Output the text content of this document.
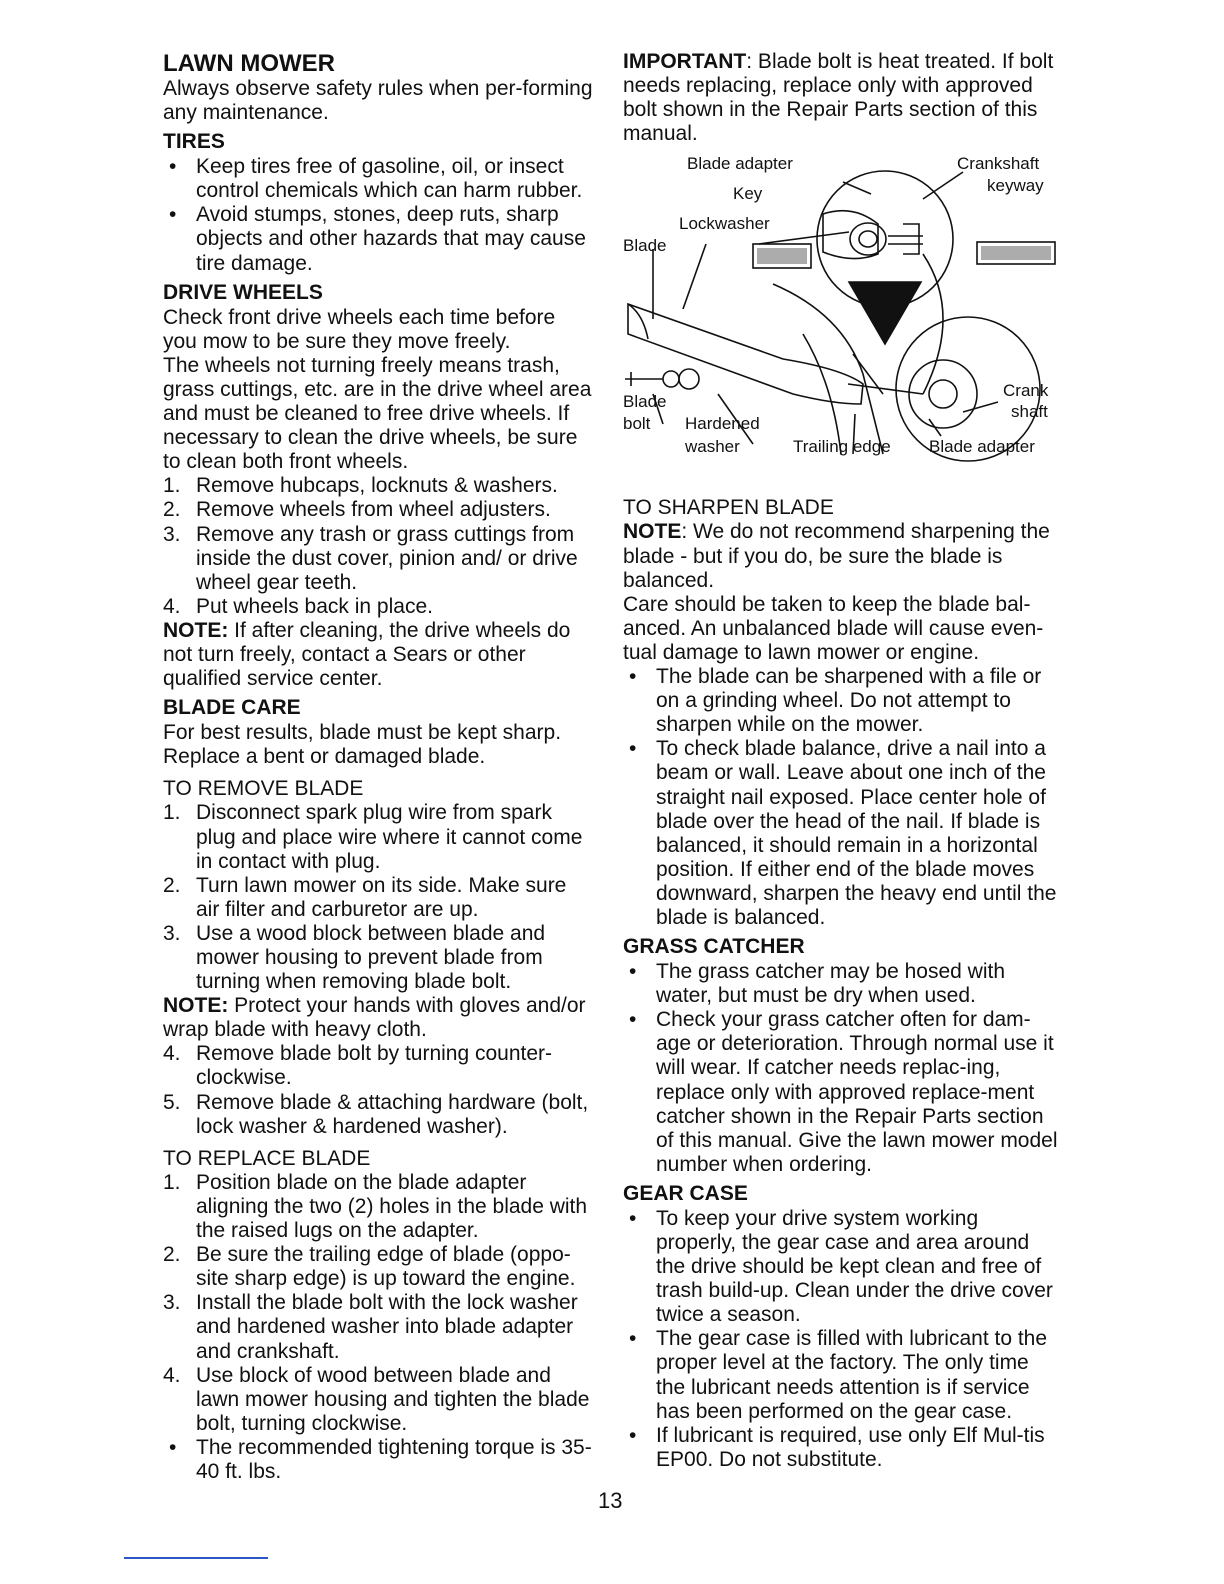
LAWN MOWER

Always observe safety rules when per-forming any maintenance.

TIRES
• Keep tires free of gasoline, oil, or insect control chemicals which can harm rubber.
• Avoid stumps, stones, deep ruts, sharp objects and other hazards that may cause tire damage.
DRIVE WHEELS

Check front drive wheels each time before you mow to be sure they move freely.

The wheels not turning freely means trash, grass cuttings, etc. are in the drive wheel area and must be cleaned to free drive wheels. If necessary to clean the drive wheels, be sure to clean both front wheels.

1. Remove hubcaps, locknuts & washers.
2. Remove wheels from wheel adjusters.
3. Remove any trash or grass cuttings from inside the dust cover, pinion and/ or drive wheel gear teeth.
4. Put wheels back in place.

NOTE: If after cleaning, the drive wheels do not turn freely, contact a Sears or other qualified service center.

BLADE CARE

For best results, blade must be kept sharp. Replace a bent or damaged blade.

TO REMOVE BLADE

1. Disconnect spark plug wire from spark plug and place wire where it cannot come in contact with plug.
2. Turn lawn mower on its side. Make sure air filter and carburetor are up.
3. Use a wood block between blade and mower housing to prevent blade from turning when removing blade bolt.

NOTE: Protect your hands with gloves and/or wrap blade with heavy cloth.

4. Remove blade bolt by turning counter-clockwise.
5. Remove blade & attaching hardware (bolt, lock washer & hardened washer).

TO REPLACE BLADE

1. Position blade on the blade adapter aligning the two (2) holes in the blade with the raised lugs on the adapter.
2. Be sure the trailing edge of blade (oppo-site sharp edge) is up toward the engine.
3. Install the blade bolt with the lock washer and hardened washer into blade adapter and crankshaft.
4. Use block of wood between blade and lawn mower housing and tighten the blade bolt, turning clockwise.
• The recommended tightening torque is 35-40 ft. lbs.

IMPORTANT: Blade bolt is heat treated. If bolt needs replacing, replace only with approved bolt shown in the Repair Parts section of this manual.

Blade adapter	Crankshaft
keyway
Key
Lockwasher
Blade
Blade
bolt Hardened
washer	Trailing edge Blade adapter
Crank
shaft

TO SHARPEN BLADE

NOTE: We do not recommend sharpening the blade - but if you do, be sure the blade is balanced.

Care should be taken to keep the blade bal-anced. An unbalanced blade will cause even-tual damage to lawn mower or engine.

• The blade can be sharpened with a file or on a grinding wheel. Do not attempt to sharpen while on the mower.
• To check blade balance, drive a nail into a beam or wall. Leave about one inch of the straight nail exposed. Place center hole of blade over the head of the nail. If blade is balanced, it should remain in a horizontal position. If either end of the blade moves downward, sharpen the heavy end until the blade is balanced.
GRASS CATCHER
• The grass catcher may be hosed with water, but must be dry when used.
• Check your grass catcher often for dam-age or deterioration. Through normal use it will wear. If catcher needs replac-ing, replace only with approved replace-ment catcher shown in the Repair Parts section of this manual. Give the lawn mower model number when ordering.
GEAR CASE
• To keep your drive system working properly, the gear case and area around the drive should be kept clean and free of trash build-up. Clean under the drive cover twice a season.
• The gear case is filled with lubricant to the proper level at the factory. The only time the lubricant needs attention is if service has been performed on the gear case.
• If lubricant is required, use only Elf Mul-tis EP00. Do not substitute.
13
